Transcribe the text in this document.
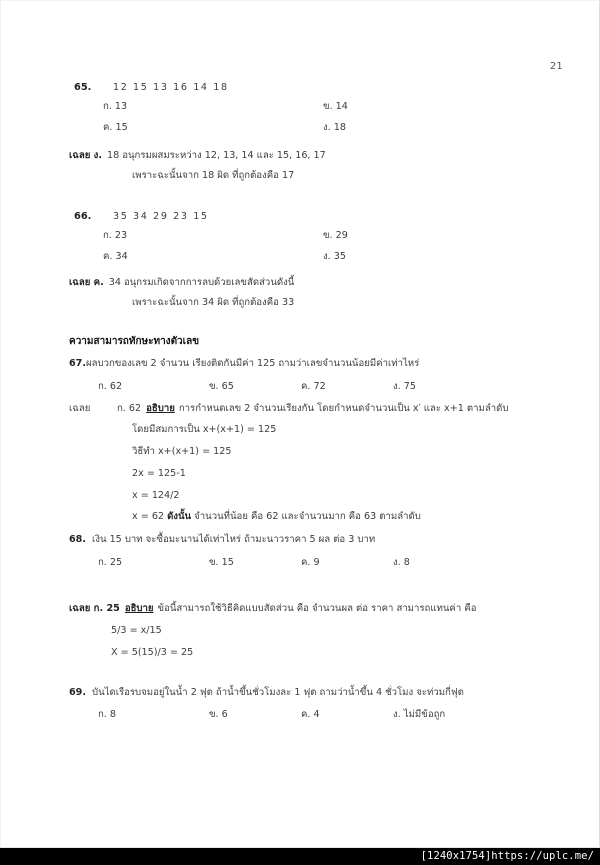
21
65. 12 15 13 16 14 18
ก. 13	ข. 14
ค. 15	ง. 18
เฉลย ง. 18 อนุกรมผสมระหว่าง 12, 13, 14 และ 15, 16, 17
เพราะฉะนั้นจาก 18 ผิด ที่ถูกต้องคือ 17
66. 35 34 29 23 15
ก. 23	ข. 29
ค. 34	ง. 35
เฉลย ค. 34 อนุกรมเกิดจากการลบด้วยเลขสัดส่วนดังนี้
เพราะฉะนั้นจาก 34 ผิด ที่ถูกต้องคือ 33
ความสามารถทักษะทางตัวเลข
67.ผลบวกของเลข 2 จำนวน เรียงติดกันมีค่า 125 ถามว่าเลขจำนวนน้อยมีค่าเท่าไหร่
ก. 62	ข. 65	ค. 72	ง. 75
เฉลย	ก. 62 อธิบาย การกำหนดเลข 2 จำนวนเรียงกัน โดยกำหนดจำนวนเป็น x′ และ x+1 ตามลำดับ
โดยมีสมการเป็น x+(x+1) = 125
วิธีทำ x+(x+1) = 125
2x = 125-1
x = 124/2
x = 62 ดังนั้น จำนวนที่น้อย คือ 62 และจำนวนมาก คือ 63 ตามลำดับ
68. เงิน 15 บาท จะซื้อมะนานได้เท่าไหร่ ถ้ามะนาวราคา 5 ผล ต่อ 3 บาท
ก. 25	ข. 15	ค. 9	ง. 8
เฉลย ก. 25 อธิบาย ข้อนี้สามารถใช้วิธีคิดแบบสัดส่วน คือ จำนวนผล ต่อ ราคา สามารถแทนค่า คือ
5/3 = x/15
X = 5(15)/3 = 25
69. บันไดเรือรบจมอยู่ในน้ำ 2 ฟุต ถ้าน้ำขึ้นชั่วโมงละ 1 ฟุต ถามว่าน้ำขึ้น 4 ชั่วโมง จะท่วมกี่ฟุต
ก. 8	ข. 6	ค. 4	ง. ไม่มีข้อถูก
[1240x1754]https://uplc.me/
